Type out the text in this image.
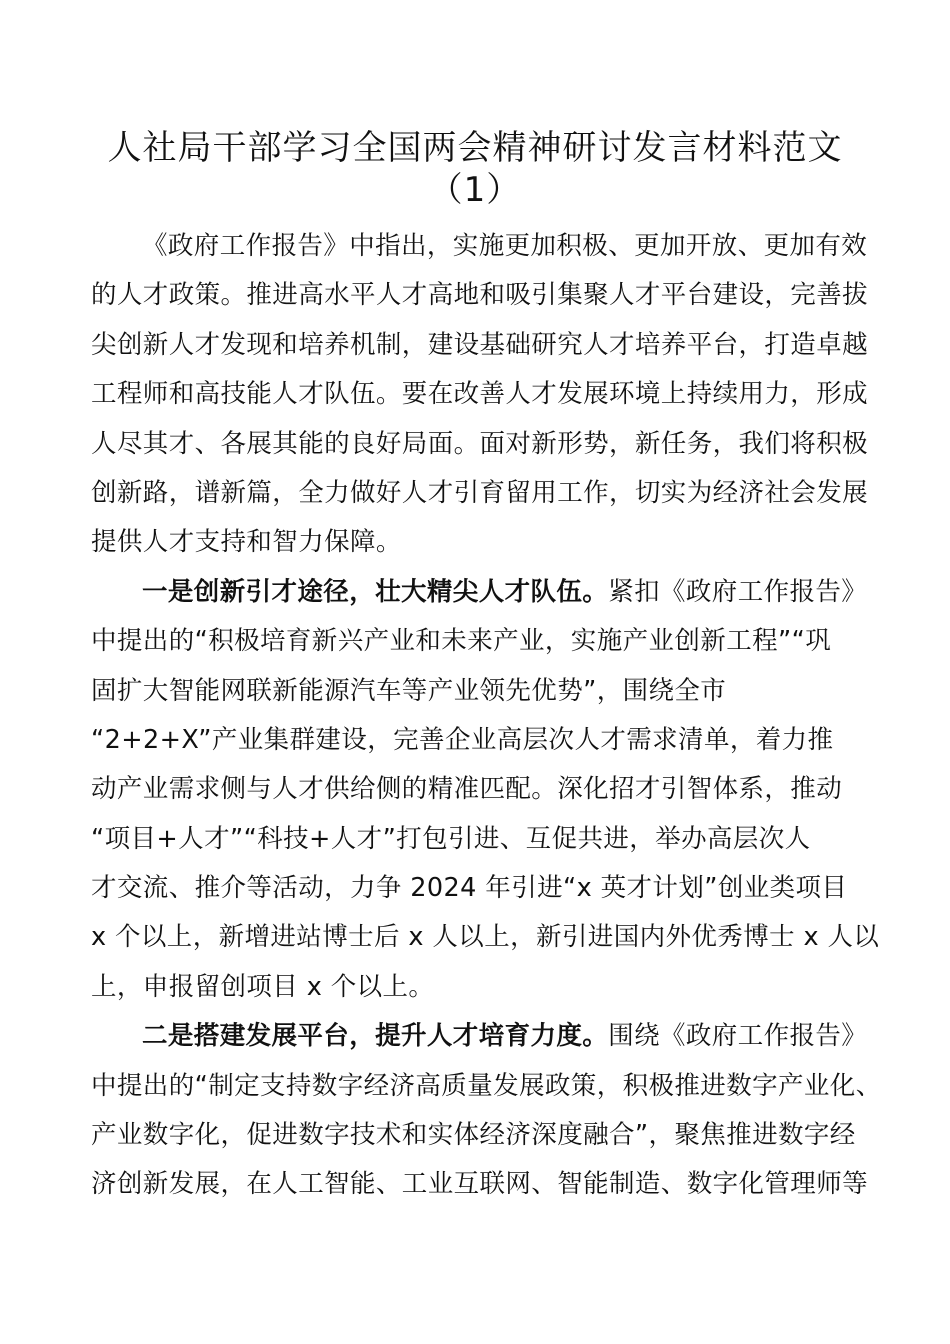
人社局干部学习全国两会精神研讨发言材料范文
（1）
《政府工作报告》中指出，实施更加积极、更加开放、更加有效
的人才政策。推进高水平人才高地和吸引集聚人才平台建设，完善拔
尖创新人才发现和培养机制，建设基础研究人才培养平台，打造卓越
工程师和高技能人才队伍。要在改善人才发展环境上持续用力，形成
人尽其才、各展其能的良好局面。面对新形势，新任务，我们将积极
创新路，谱新篇，全力做好人才引育留用工作，切实为经济社会发展
提供人才支持和智力保障。
一是创新引才途径，壮大精尖人才队伍。紧扣《政府工作报告》
中提出的“积极培育新兴产业和未来产业，实施产业创新工程”“巩
固扩大智能网联新能源汽车等产业领先优势”，围绕全市
“2+2+X”产业集群建设，完善企业高层次人才需求清单，着力推
动产业需求侧与人才供给侧的精准匹配。深化招才引智体系，推动
“项目+人才”“科技+人才”打包引进、互促共进，举办高层次人
才交流、推介等活动，力争 2024 年引进“x 英才计划”创业类项目
x 个以上，新增进站博士后 x 人以上，新引进国内外优秀博士 x 人以
上，申报留创项目 x 个以上。
二是搭建发展平台，提升人才培育力度。围绕《政府工作报告》
中提出的“制定支持数字经济高质量发展政策，积极推进数字产业化、
产业数字化，促进数字技术和实体经济深度融合”，聚焦推进数字经
济创新发展，在人工智能、工业互联网、智能制造、数字化管理师等
